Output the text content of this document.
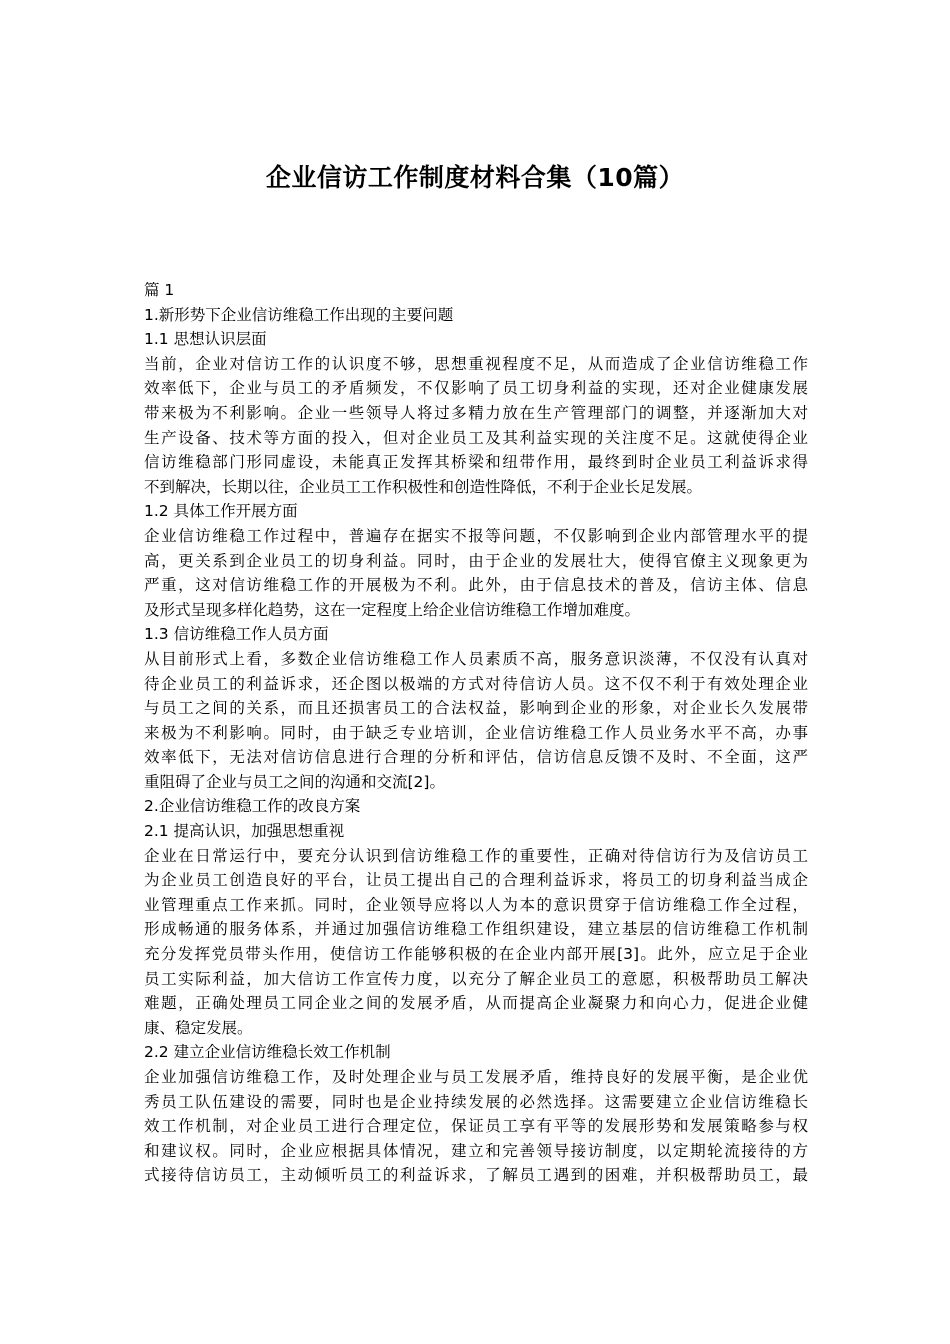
企业信访工作制度材料合集（10篇）
篇 1
1.新形势下企业信访维稳工作出现的主要问题
1.1 思想认识层面
当前，企业对信访工作的认识度不够，思想重视程度不足，从而造成了企业信访维稳工作
效率低下，企业与员工的矛盾频发，不仅影响了员工切身利益的实现，还对企业健康发展
带来极为不利影响。企业一些领导人将过多精力放在生产管理部门的调整，并逐渐加大对
生产设备、技术等方面的投入，但对企业员工及其利益实现的关注度不足。这就使得企业
信访维稳部门形同虚设，未能真正发挥其桥梁和纽带作用，最终到时企业员工利益诉求得
不到解决，长期以往，企业员工工作积极性和创造性降低，不利于企业长足发展。
1.2 具体工作开展方面
企业信访维稳工作过程中，普遍存在据实不报等问题，不仅影响到企业内部管理水平的提
高，更关系到企业员工的切身利益。同时，由于企业的发展壮大，使得官僚主义现象更为
严重，这对信访维稳工作的开展极为不利。此外，由于信息技术的普及，信访主体、信息
及形式呈现多样化趋势，这在一定程度上给企业信访维稳工作增加难度。
1.3 信访维稳工作人员方面
从目前形式上看，多数企业信访维稳工作人员素质不高，服务意识淡薄，不仅没有认真对
待企业员工的利益诉求，还企图以极端的方式对待信访人员。这不仅不利于有效处理企业
与员工之间的关系，而且还损害员工的合法权益，影响到企业的形象，对企业长久发展带
来极为不利影响。同时，由于缺乏专业培训，企业信访维稳工作人员业务水平不高，办事
效率低下，无法对信访信息进行合理的分析和评估，信访信息反馈不及时、不全面，这严
重阻碍了企业与员工之间的沟通和交流[2]。
2.企业信访维稳工作的改良方案
2.1 提高认识，加强思想重视
企业在日常运行中，要充分认识到信访维稳工作的重要性，正确对待信访行为及信访员工
为企业员工创造良好的平台，让员工提出自己的合理利益诉求，将员工的切身利益当成企
业管理重点工作来抓。同时，企业领导应将以人为本的意识贯穿于信访维稳工作全过程，
形成畅通的服务体系，并通过加强信访维稳工作组织建设，建立基层的信访维稳工作机制
充分发挥党员带头作用，使信访工作能够积极的在企业内部开展[3]。此外，应立足于企业
员工实际利益，加大信访工作宣传力度，以充分了解企业员工的意愿，积极帮助员工解决
难题，正确处理员工同企业之间的发展矛盾，从而提高企业凝聚力和向心力，促进企业健
康、稳定发展。
2.2 建立企业信访维稳长效工作机制
企业加强信访维稳工作，及时处理企业与员工发展矛盾，维持良好的发展平衡，是企业优
秀员工队伍建设的需要，同时也是企业持续发展的必然选择。这需要建立企业信访维稳长
效工作机制，对企业员工进行合理定位，保证员工享有平等的发展形势和发展策略参与权
和建议权。同时，企业应根据具体情况，建立和完善领导接访制度，以定期轮流接待的方
式接待信访员工，主动倾听员工的利益诉求，了解员工遇到的困难，并积极帮助员工，最
